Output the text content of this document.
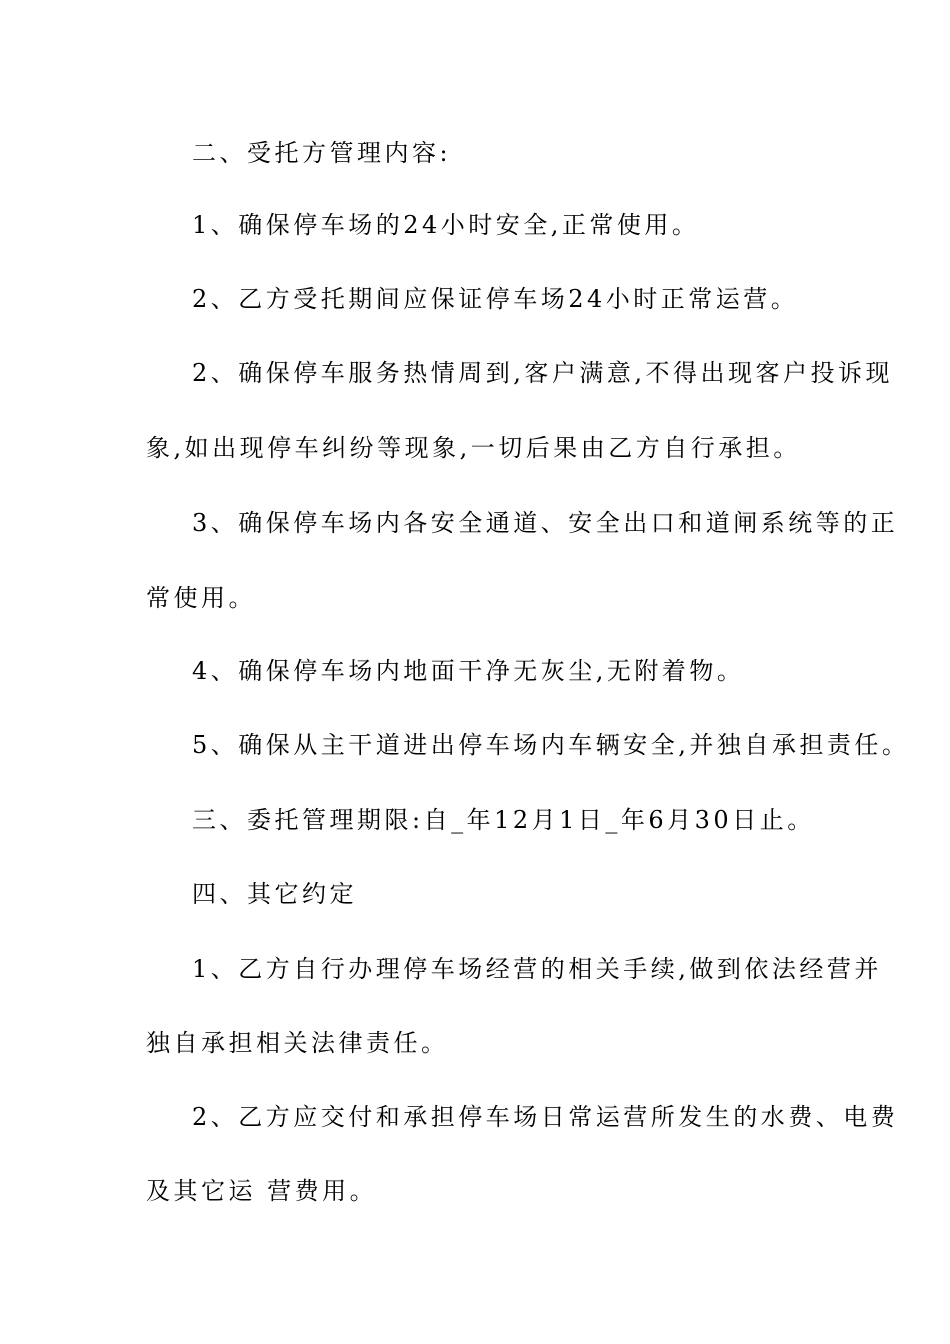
二、受托方管理内容:
1、确保停车场的24小时安全,正常使用。
2、乙方受托期间应保证停车场24小时正常运营。
2、确保停车服务热情周到,客户满意,不得出现客户投诉现
象,如出现停车纠纷等现象,一切后果由乙方自行承担。
3、确保停车场内各安全通道、安全出口和道闸系统等的正
常使用。
4、确保停车场内地面干净无灰尘,无附着物。
5、确保从主干道进出停车场内车辆安全,并独自承担责任。
三、委托管理期限:自_年12月1日_年6月30日止。
四、其它约定
1、乙方自行办理停车场经营的相关手续,做到依法经营并
独自承担相关法律责任。
2、乙方应交付和承担停车场日常运营所发生的水费、电费
及其它运 营费用。
